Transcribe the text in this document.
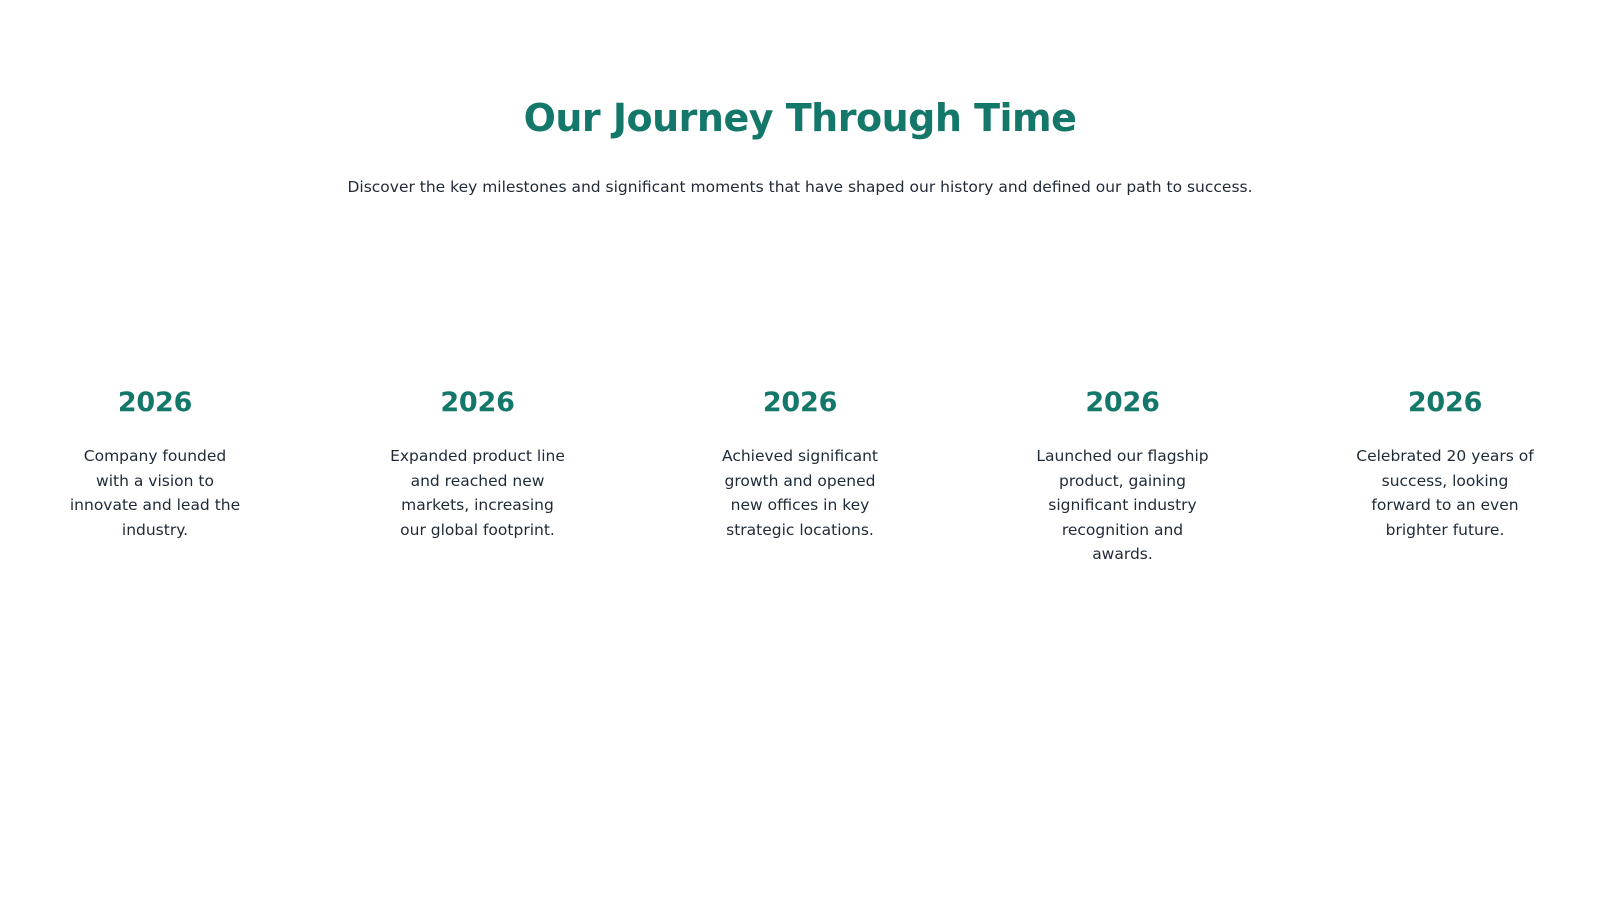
Our Journey Through Time

Discover the key milestones and significant moments that have shaped our history and defined our path to success.

2026

Company founded with a vision to innovate and lead the industry.

2026

Expanded product line and reached new markets, increasing our global footprint.

2026

Achieved significant growth and opened new offices in key strategic locations.

2026

Launched our flagship product, gaining significant industry recognition and awards.

2026

Celebrated 20 years of success, looking forward to an even brighter future.
